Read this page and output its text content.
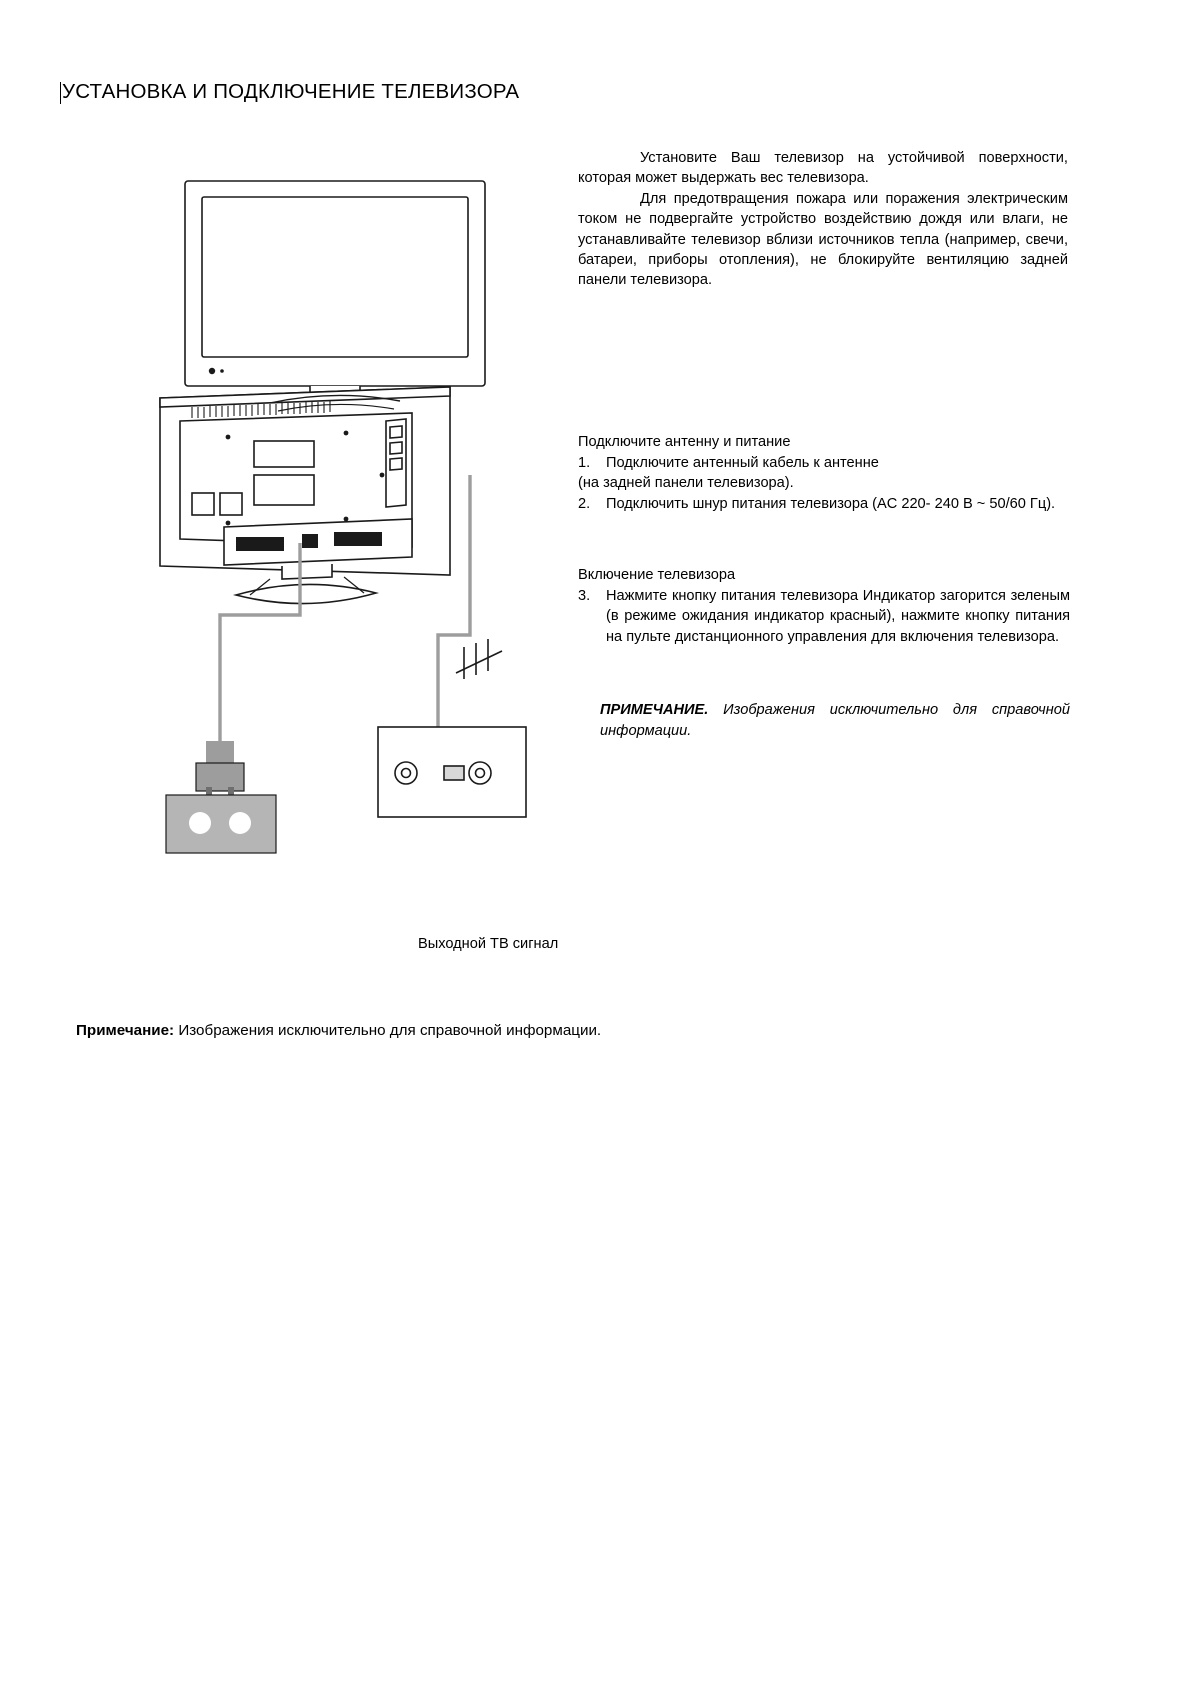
УСТАНОВКА И ПОДКЛЮЧЕНИЕ ТЕЛЕВИЗОРА
Выходной ТВ сигнал

Установите Ваш телевизор на устойчивой поверхности, которая может выдержать вес телевизора.

Для предотвращения пожара или поражения электрическим током не подвергайте устройство воздействию дождя или влаги, не устанавливайте телевизор вблизи источников тепла (например, свечи, батареи, приборы отопления), не блокируйте вентиляцию задней панели телевизора.

Подключите антенну и питание
1.	Подключите антенный кабель к антенне
(на задней панели телевизора).
2.	Подключить шнур питания телевизора (AC 220- 240 В ~ 50/60 Гц).
Включение телевизора
3.	Нажмите кнопку питания телевизора Индикатор загорится зеленым (в режиме ожидания индикатор красный), нажмите кнопку питания на пульте дистанционного управления для включения телевизора.
ПРИМЕЧАНИЕ. Изображения исключительно для справочной информации.
Примечание: Изображения исключительно для справочной информации.
